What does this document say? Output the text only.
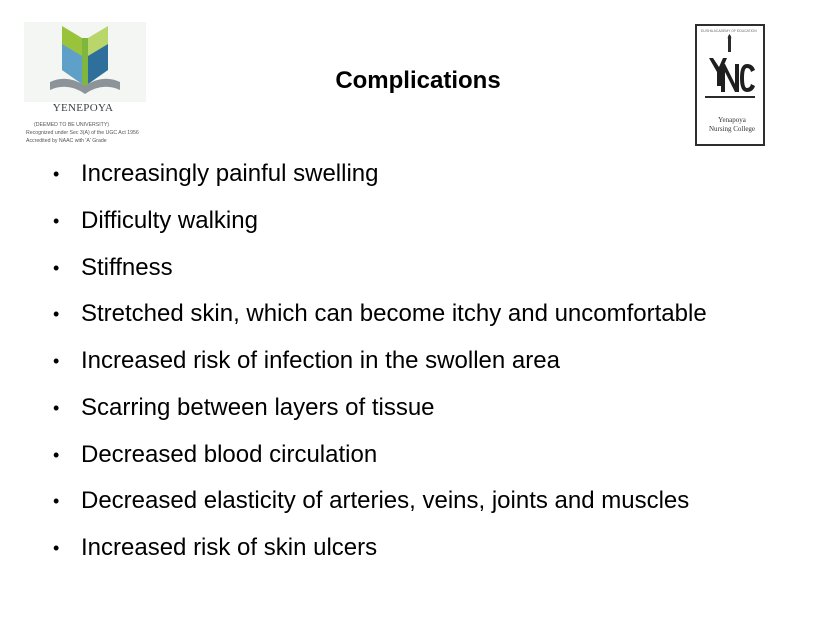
YENEPOYA
(DEEMED TO BE UNIVERSITY)
Recognized under Sec 3(A) of the UGC Act 1956
Accredited by NAAC with 'A' Grade
ELISHA ACADEMY OF EDUCATION
Yenapoya
Nursing College
Complications
• Increasingly painful swelling
• Difficulty walking
• Stiffness
• Stretched skin, which can become itchy and uncomfortable
• Increased risk of infection in the swollen area
• Scarring between layers of tissue
• Decreased blood circulation
• Decreased elasticity of arteries, veins, joints and muscles
• Increased risk of skin ulcers
